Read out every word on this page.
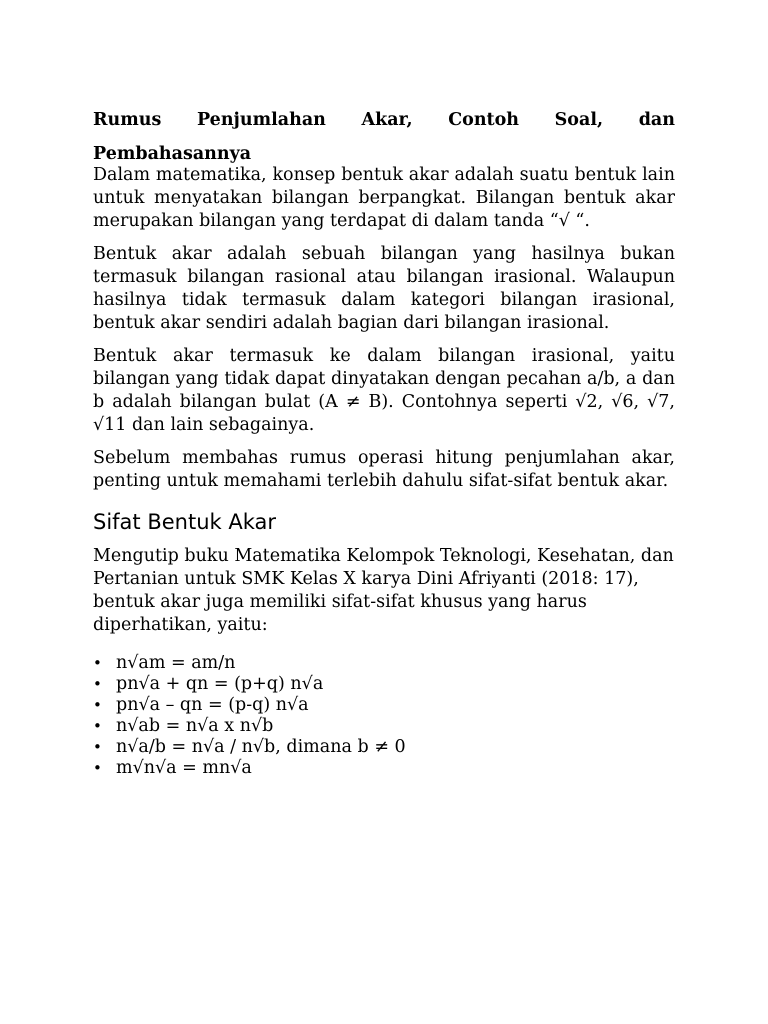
Rumus Penjumlahan Akar, Contoh Soal, dan
Pembahasannya

Dalam matematika, konsep bentuk akar adalah suatu bentuk lain untuk menyatakan bilangan berpangkat. Bilangan bentuk akar merupakan bilangan yang terdapat di dalam tanda “√ “.

Bentuk akar adalah sebuah bilangan yang hasilnya bukan termasuk bilangan rasional atau bilangan irasional. Walaupun hasilnya tidak termasuk dalam kategori bilangan irasional, bentuk akar sendiri adalah bagian dari bilangan irasional.

Bentuk akar termasuk ke dalam bilangan irasional, yaitu bilangan yang tidak dapat dinyatakan dengan pecahan a/b, a dan b adalah bilangan bulat (A ≠ B). Contohnya seperti √2, √6, √7, √11 dan lain sebagainya.

Sebelum membahas rumus operasi hitung penjumlahan akar, penting untuk memahami terlebih dahulu sifat-sifat bentuk akar.

Sifat Bentuk Akar

Mengutip buku Matematika Kelompok Teknologi, Kesehatan, dan Pertanian untuk SMK Kelas X karya Dini Afriyanti (2018: 17), bentuk akar juga memiliki sifat-sifat khusus yang harus diperhatikan, yaitu:

• n√am = am/n
• pn√a + qn = (p+q) n√a
• pn√a – qn = (p-q) n√a
• n√ab = n√a x n√b
• n√a/b = n√a / n√b, dimana b ≠ 0
• m√n√a = mn√a
